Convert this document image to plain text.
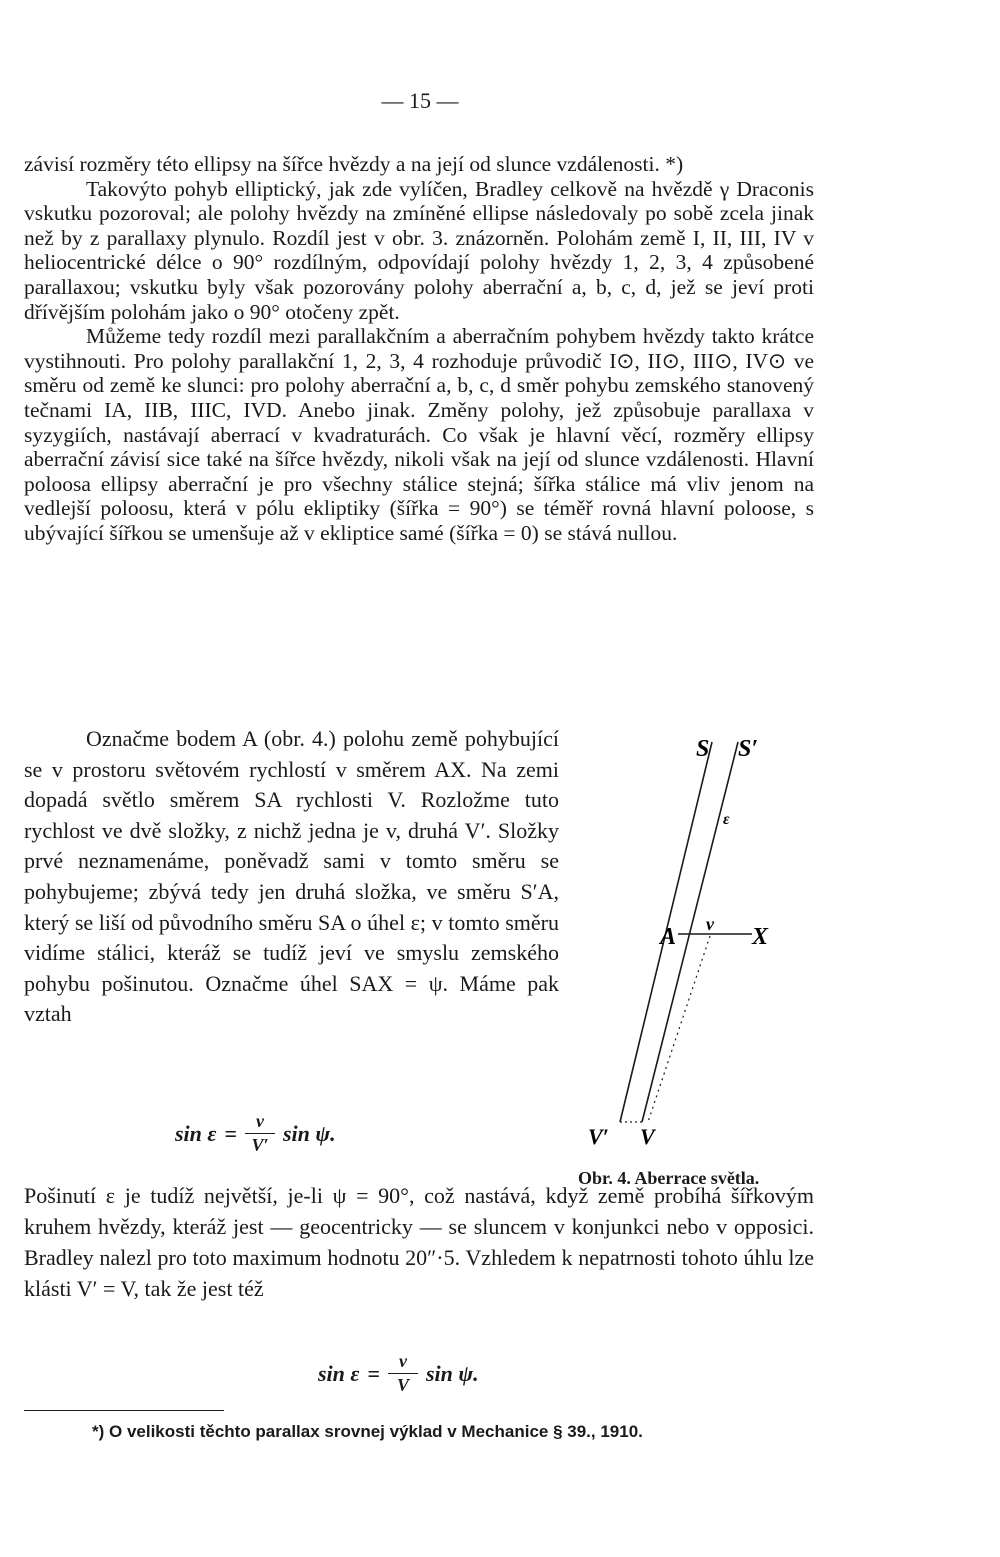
— 15 —

závisí rozměry této ellipsy na šířce hvězdy a na její od slunce vzdálenosti. *)

Takovýto pohyb elliptický, jak zde vylíčen, Bradley celkově na hvězdě γ Draconis vskutku pozoroval; ale polohy hvězdy na zmíněné ellipse následovaly po sobě zcela jinak než by z parallaxy plynulo. Rozdíl jest v obr. 3. znázorněn. Polohám země I, II, III, IV v heliocentrické délce o 90° rozdílným, odpovídají polohy hvězdy 1, 2, 3, 4 způsobené parallaxou; vskutku byly však pozorovány polohy aberrační a, b, c, d, jež se jeví proti dřívějším polohám jako o 90° otočeny zpět.

Můžeme tedy rozdíl mezi parallakčním a aberračním pohybem hvězdy takto krátce vystihnouti. Pro polohy parallakční 1, 2, 3, 4 rozhoduje průvodič I⊙, II⊙, III⊙, IV⊙ ve směru od země ke slunci: pro polohy aberrační a, b, c, d směr pohybu zemského stanovený tečnami IA, IIB, IIIC, IVD. Anebo jinak. Změny polohy, jež způsobuje parallaxa v syzygiích, nastávají aberrací v kvadraturách. Co však je hlavní věcí, rozměry ellipsy aberrační závisí sice také na šířce hvězdy, nikoli však na její od slunce vzdálenosti. Hlavní poloosa ellipsy aberrační je pro všechny stálice stejná; šířka stálice má vliv jenom na vedlejší poloosu, která v pólu ekliptiky (šířka = 90°) se téměř rovná hlavní poloose, s ubývající šířkou se umenšuje až v ekliptice samé (šířka = 0) se stává nullou.

Označme bodem A (obr. 4.) polohu země pohybující se v prostoru světovém rychlostí v směrem AX. Na zemi dopadá světlo směrem SA rychlosti V. Rozložme tuto rychlost ve dvě složky, z nichž jedna je v, druhá V′. Složky prvé neznamenáme, poněvadž sami v tomto směru se pohybujeme; zbývá tedy jen druhá složka, ve směru S′A, který se liší od původního směru SA o úhel ε; v tomto směru vidíme stálici, kteráž se tudíž jeví ve smyslu zemského pohybu pošinutou. Označme úhel SAX = ψ. Máme pak vztah

$\sin \varepsilon = \frac{v}{V'}$ sin ψ.
S S′
ε
A v X
V′ V
Obr. 4. Aberrace světla.

Pošinutí ε je tudíž největší, je-li ψ = 90°, což nastává, když země probíhá šířkovým kruhem hvězdy, kteráž jest — geocentricky — se sluncem v konjunkci nebo v opposici. Bradley nalezl pro toto maximum hodnotu 20″·5. Vzhledem k nepatrnosti tohoto úhlu lze klásti V′ = V, tak že jest též

$\sin \varepsilon = \frac{v}{V}$ sin ψ.
*) O velikosti těchto parallax srovnej výklad v Mechanice § 39., 1910.
